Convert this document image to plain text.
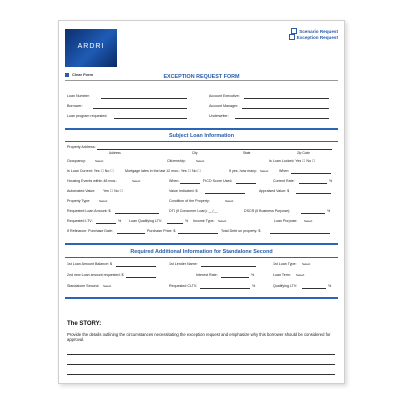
ARDRI
Scenario Request
Exception Request
Clear Form	EXCEPTION REQUEST FORM
Loan Number:
Borrower:
Loan program requested:
Account Executive:
Account Manager:
Underwriter:
Subject Loan Information
Property Address:
Address	City	State	Zip Code
Occupancy:	Select	Citizenship:	Select	Is Loan Locked: Yes ☐ No ☐
Is Loan Current: Yes ☐ No ☐	Mortgage lates in the last 12 mos.: Yes ☐ No ☐	If yes, how many: Select	When:
Housing Events within 48 mos.:	Select	When:	FICO Score Used:	Current Rate:	%
Automated Value: Yes ☐ No ☐	Value Indicated: $	Appraised Value: $
Property Type:	Select	Condition of the Property:	Select
Requested Loan Amount: $	DTI (if Consumer Loan): __/__	DSCR (if Business Purpose):	%
Requested LTV:	% Loan Qualifying LTV:	% Income Type: Select	Loan Purpose: Select
If Refinance: Purchase Date:	Purchase Price: $	Total Debt on property: $
Required Additional Information for Standalone Second
1st Loan Amount Balance: $	1st Lender Name:	1st Loan Type: Select
2nd new Loan amount requested: $	Interest Rate:	%	Loan Term: Select
Standalone Second: Select	Requested CLTV:	%	Qualifying LTV:	%
The STORY:
Provide the details outlining the circumstances necessitating the exception request and emphasize why this borrower should be considered for approval.
